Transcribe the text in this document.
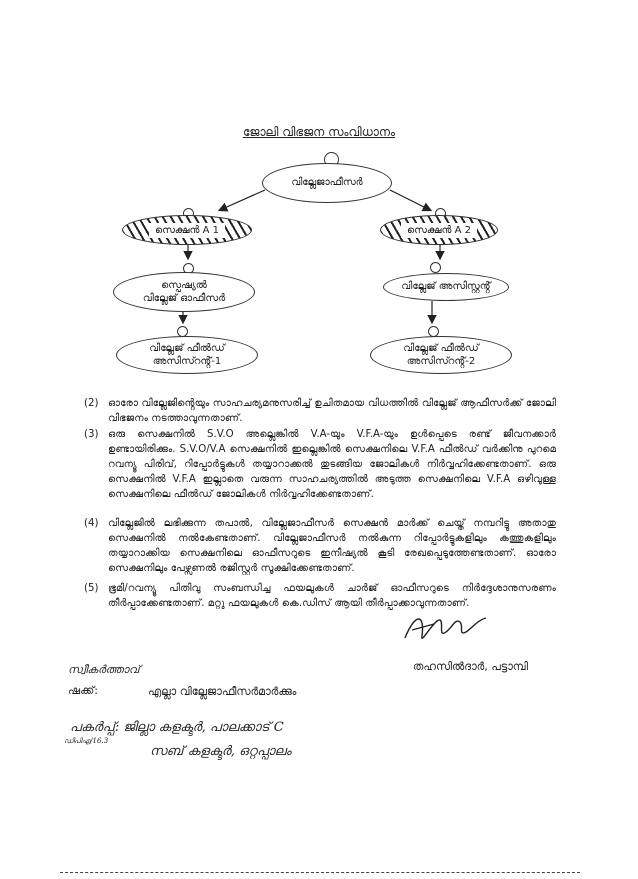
ജോലി വിഭജന സംവിധാനം
വില്ലേജാഫീസർ
സെക്ഷൻ A 1	സെക്ഷൻ A 2
സ്പെഷ്യൽ
വില്ലേജ് ഓഫീസർ
വില്ലേജ് അസിസ്റ്റൻ്റ്
വില്ലേജ് ഫീൽഡ്
അസിസ്റൻ്റ്-1
വില്ലേജ് ഫീൽഡ്
അസിസ്റൻ്റ്-2
(2) ഓരോ വില്ലേജിൻ്റെയും സാഹചര്യമനുസരിച്ച് ഉചിതമായ വിധത്തിൽ വില്ലേജ് ആഫീസർക്ക് ജോലി വിഭജനം നടത്താവുന്നതാണ്.
(3) ഒരു സെക്ഷനിൽ S.V.O അല്ലെങ്കിൽ V.A-യും V.F.A-യും ഉൾപ്പെടെ രണ്ട് ജീവനക്കാർ ഉണ്ടായിരിക്കും. S.V.O/V.A സെക്ഷനിൽ ഇല്ലെങ്കിൽ സെക്ഷനിലെ V.F.A ഫീൽഡ് വർക്കിനു പുറമെ റവന്യൂ പിരിവ്, റിപ്പോർട്ടുകൾ തയ്യാറാക്കൽ തുടങ്ങിയ ജോലികൾ നിർവ്വഹിക്കേണ്ടതാണ്. ഒരു സെക്ഷനിൽ V.F.A ഇല്ലാതെ വരുന്ന സാഹചര്യത്തിൽ അടുത്ത സെക്ഷനിലെ V.F.A ഒഴിവുള്ള സെക്ഷനിലെ ഫീൽഡ് ജോലികൾ നിർവ്വഹിക്കേണ്ടതാണ്.
(4) വില്ലേജിൽ ലഭിക്കുന്ന തപാൽ, വില്ലേജാഫീസർ സെക്ഷൻ മാർക്ക് ചെയ്ത് നമ്പറിട്ടു അതാതു സെക്ഷനിൽ നൽകേണ്ടതാണ്. വില്ലേജാഫീസർ നൽകുന്ന റിപ്പോർട്ടുകളിലും കത്തുകളിലും തയ്യാറാക്കിയ സെക്ഷനിലെ ഓഫീസറുടെ ഇനീഷ്യൽ കൂടി രേഖപ്പെടുത്തേണ്ടതാണ്. ഓരോ സെക്ഷനിലും പേഴ്സണൽ രജിസ്റ്റർ സൂക്ഷിക്കേണ്ടതാണ്.
(5) ഭൂമി/റവന്യൂ പിതിവു സംബന്ധിച്ച ഫയലുകൾ ചാർജ് ഓഫീസറുടെ നിർദ്ദേശാനുസരണം തീർപ്പാക്കേണ്ടതാണ്. മറ്റു ഫയലുകൾ കെ.ഡിസ് ആയി തീർപ്പാക്കാവുന്നതാണ്.
തഹസിൽദാർ, പട്ടാമ്പി
സ്വീകർത്താവ്
ഷക്ക്:	എല്ലാ വില്ലേജാഫീസർമാർക്കും
പകർപ്പ്: ജില്ലാ കളക്ടർ, പാലക്കാട് C
ഡിപിഎ/16.3
സബ് കളക്ടർ, ഒറ്റപ്പാലം
